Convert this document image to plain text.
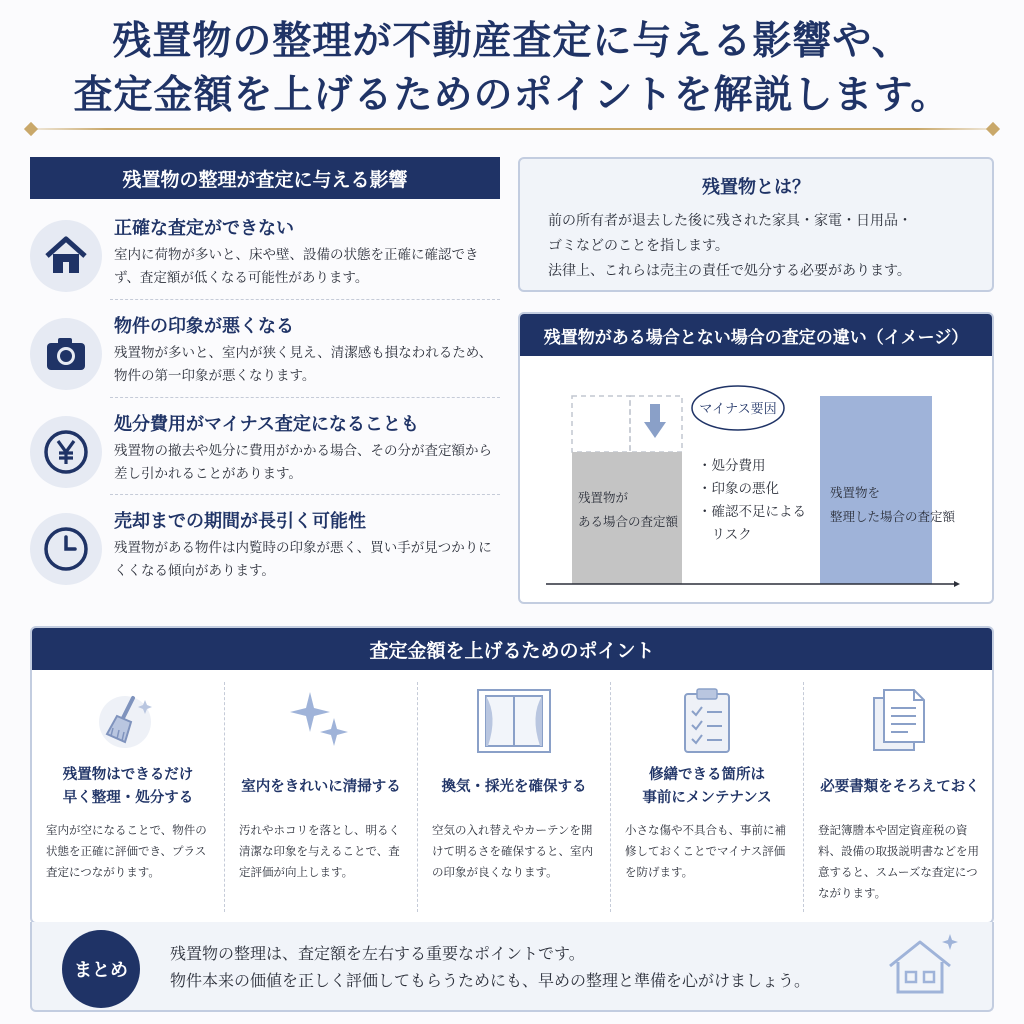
残置物の整理が不動産査定に与える影響や、
査定金額を上げるためのポイントを解説します。
残置物の整理が査定に与える影響
正確な査定ができない

室内に荷物が多いと、床や壁、設備の状態を正確に確認できず、査定額が低くなる可能性があります。

物件の印象が悪くなる

残置物が多いと、室内が狭く見え、清潔感も損なわれるため、物件の第一印象が悪くなります。

処分費用がマイナス査定になることも

残置物の撤去や処分に費用がかかる場合、その分が査定額から差し引かれることがあります。

売却までの期間が長引く可能性

残置物がある物件は内覧時の印象が悪く、買い手が見つかりにくくなる傾向があります。

残置物とは？

前の所有者が退去した後に残された家具・家電・日用品・
ゴミなどのことを指します。
法律上、これらは売主の責任で処分する必要があります。

残置物がある場合とない場合の査定の違い（イメージ）
残置物が
ある場合の査定額
マイナス要因
・処分費用
・印象の悪化
・確認不足による
　リスク
残置物を
整理した場合の査定額
査定金額を上げるためのポイント
残置物はできるだけ
早く整理・処分する

室内が空になることで、物件の状態を正確に評価でき、プラス査定につながります。

室内をきれいに清掃する

汚れやホコリを落とし、明るく清潔な印象を与えることで、査定評価が向上します。

換気・採光を確保する

空気の入れ替えやカーテンを開けて明るさを確保すると、室内の印象が良くなります。

修繕できる箇所は
事前にメンテナンス

小さな傷や不具合も、事前に補修しておくことでマイナス評価を防げます。

必要書類をそろえておく

登記簿謄本や固定資産税の資料、設備の取扱説明書などを用意すると、スムーズな査定につながります。

まとめ

残置物の整理は、査定額を左右する重要なポイントです。
物件本来の価値を正しく評価してもらうためにも、早めの整理と準備を心がけましょう。
